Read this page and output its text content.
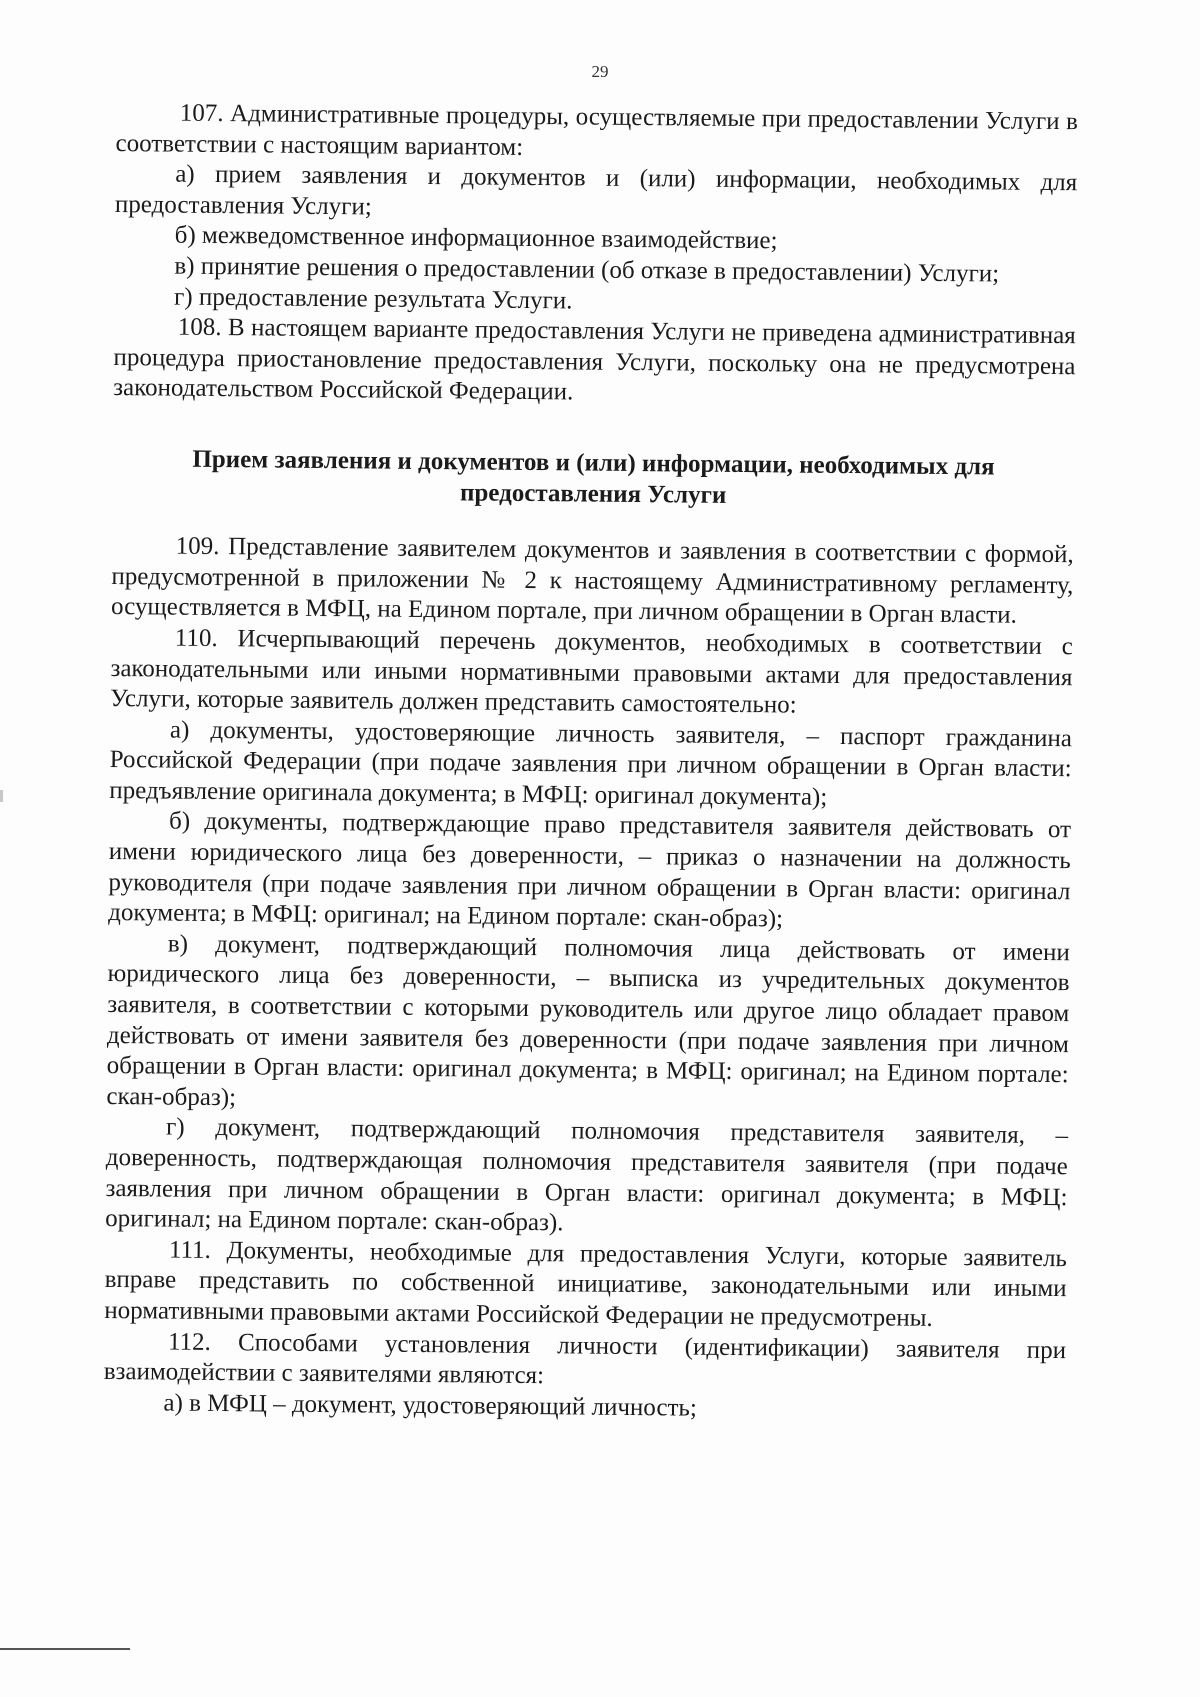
29

107. Административные процедуры, осуществляемые при предоставлении Услуги в соответствии с настоящим вариантом:

а) прием заявления и документов и (или) информации, необходимых для предоставления Услуги;

б) межведомственное информационное взаимодействие;

в) принятие решения о предоставлении (об отказе в предоставлении) Услуги;

г) предоставление результата Услуги.

108. В настоящем варианте предоставления Услуги не приведена административная процедура приостановление предоставления Услуги, поскольку она не предусмотрена законодательством Российской Федерации.

Прием заявления и документов и (или) информации, необходимых для
предоставления Услуги

109. Представление заявителем документов и заявления в соответствии с формой, предусмотренной в приложении № 2 к настоящему Административному регламенту, осуществляется в МФЦ, на Едином портале, при личном обращении в Орган власти.

110. Исчерпывающий перечень документов, необходимых в соответствии с законодательными или иными нормативными правовыми актами для предоставления Услуги, которые заявитель должен представить самостоятельно:

а) документы, удостоверяющие личность заявителя, – паспорт гражданина Российской Федерации (при подаче заявления при личном обращении в Орган власти: предъявление оригинала документа; в МФЦ: оригинал документа);

б) документы, подтверждающие право представителя заявителя действовать от имени юридического лица без доверенности, – приказ о назначении на должность руководителя (при подаче заявления при личном обращении в Орган власти: оригинал документа; в МФЦ: оригинал; на Едином портале: скан-образ);

в) документ, подтверждающий полномочия лица действовать от имени юридического лица без доверенности, – выписка из учредительных документов заявителя, в соответствии с которыми руководитель или другое лицо обладает правом действовать от имени заявителя без доверенности (при подаче заявления при личном обращении в Орган власти: оригинал документа; в МФЦ: оригинал; на Едином портале: скан-образ);

г) документ, подтверждающий полномочия представителя заявителя, – доверенность, подтверждающая полномочия представителя заявителя (при подаче заявления при личном обращении в Орган власти: оригинал документа; в МФЦ: оригинал; на Едином портале: скан-образ).

111. Документы, необходимые для предоставления Услуги, которые заявитель вправе представить по собственной инициативе, законодательными или иными нормативными правовыми актами Российской Федерации не предусмотрены.

112. Способами установления личности (идентификации) заявителя при взаимодействии с заявителями являются:

а) в МФЦ – документ, удостоверяющий личность;
